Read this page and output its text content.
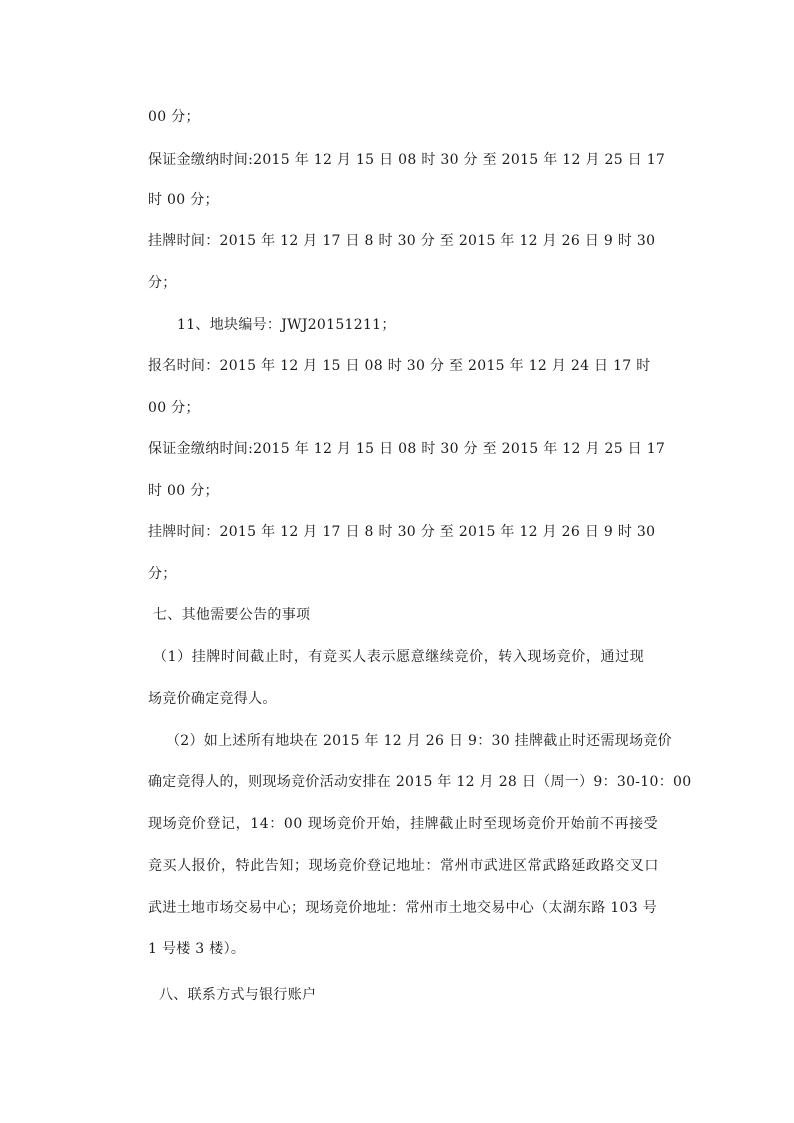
00 分；
保证金缴纳时间:2015 年 12 月 15 日 08 时 30 分 至 2015 年 12 月 25 日 17
时 00 分；
挂牌时间：2015 年 12 月 17 日 8 时 30 分 至 2015 年 12 月 26 日 9 时 30
分；
11、地块编号：JWJ20151211；
报名时间：2015 年 12 月 15 日 08 时 30 分 至 2015 年 12 月 24 日 17 时
00 分；
保证金缴纳时间:2015 年 12 月 15 日 08 时 30 分 至 2015 年 12 月 25 日 17
时 00 分；
挂牌时间：2015 年 12 月 17 日 8 时 30 分 至 2015 年 12 月 26 日 9 时 30
分；
七、其他需要公告的事项
（1）挂牌时间截止时，有竞买人表示愿意继续竞价，转入现场竞价，通过现
场竞价确定竞得人。
（2）如上述所有地块在 2015 年 12 月 26 日 9：30 挂牌截止时还需现场竞价
确定竞得人的，则现场竞价活动安排在 2015 年 12 月 28 日（周一）9：30-10：00
现场竞价登记，14：00 现场竞价开始，挂牌截止时至现场竞价开始前不再接受
竞买人报价，特此告知；现场竞价登记地址：常州市武进区常武路延政路交叉口
武进土地市场交易中心；现场竞价地址：常州市土地交易中心（太湖东路 103 号
1 号楼 3 楼）。
八、联系方式与银行账户
